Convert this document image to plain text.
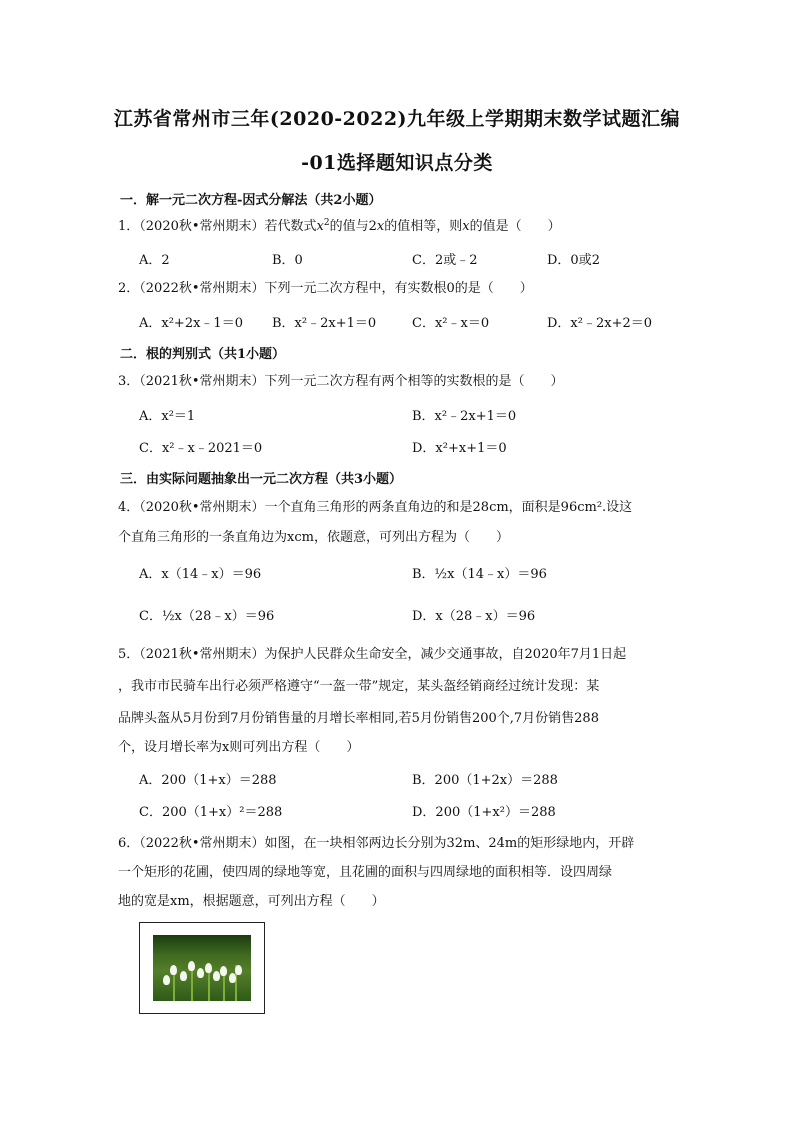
江苏省常州市三年(2020-2022)九年级上学期期末数学试题汇编
-01选择题知识点分类
一．解一元二次方程-因式分解法（共2小题）
1．（2020秋•常州期末）若代数式$x^2$的值与2x的值相等，则x的值是（　　）
A．2	B．0	C．2或﹣2	D．0或2
2．（2022秋•常州期末）下列一元二次方程中，有实数根0的是（　　）
A．x²+2x﹣1＝0 B．x²﹣2x+1＝0	C．x²﹣x＝0	D．x²﹣2x+2＝0
二．根的判别式（共1小题）
3．（2021秋•常州期末）下列一元二次方程有两个相等的实数根的是（　　）
A．x²＝1	B．x²﹣2x+1＝0
C．x²﹣x﹣2021＝0	D．x²+x+1＝0
三．由实际问题抽象出一元二次方程（共3小题）
4．（2020秋•常州期末）一个直角三角形的两条直角边的和是28cm，面积是96cm².设这
个直角三角形的一条直角边为xcm，依题意，可列出方程为（　　）
A．x（14﹣x）＝96	B．½x（14﹣x）＝96
C．½x（28﹣x）＝96	D．x（28﹣x）＝96
5．（2021秋•常州期末）为保护人民群众生命安全，减少交通事故，自2020年7月1日起
，我市市民骑车出行必须严格遵守“一盔一带”规定，某头盔经销商经过统计发现：某
品牌头盔从5月份到7月份销售量的月增长率相同,若5月份销售200个,7月份销售288
个，设月增长率为x则可列出方程（　　）
A．200（1+x）＝288	B．200（1+2x）＝288
C．200（1+x）²＝288	D．200（1+x²）＝288
6．（2022秋•常州期末）如图，在一块相邻两边长分别为32m、24m的矩形绿地内，开辟
一个矩形的花圃，使四周的绿地等宽，且花圃的面积与四周绿地的面积相等．设四周绿
地的宽是xm，根据题意，可列出方程（　　）
